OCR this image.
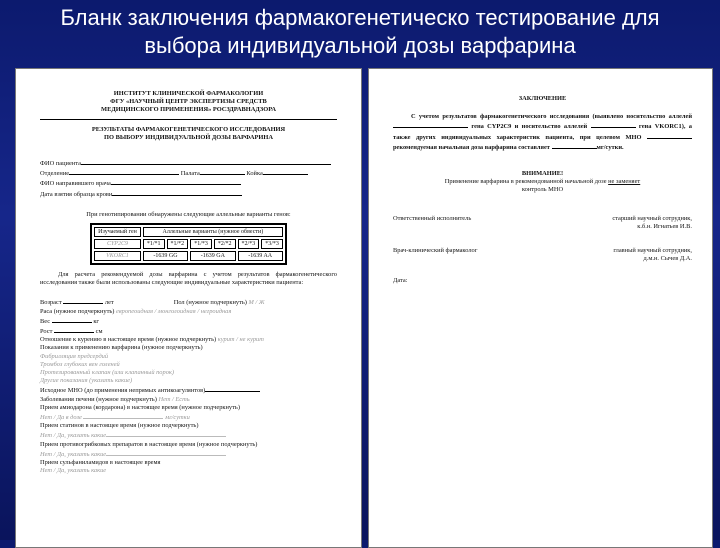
Бланк заключения фармакогенетическо тестирование для
выбора индивидуальной дозы варфарина
ИНСТИТУТ КЛИНИЧЕСКОЙ ФАРМАКОЛОГИИ
ФГУ «НАУЧНЫЙ ЦЕНТР ЭКСПЕРТИЗЫ СРЕДСТВ
МЕДИЦИНСКОГО ПРИМЕНЕНИЯ» РОСЗДРАВНАДЗОРА
РЕЗУЛЬТАТЫ ФАРМАКОГЕНЕТИЧЕСКОГО ИССЛЕДОВАНИЯ
ПО ВЫБОРУ ИНДИВИДУАЛЬНОЙ ДОЗЫ ВАРФАРИНА
ФИО пациента
Отделение	Палата	Койка
ФИО направившего врача
Дата взятия образца крови
При генотипировании обнаружены следующие аллельные варианты генов:
Изучаемый ген	Аллельные варианты (нужное обвести)					
CYP2C9	*1/*1	*1/*2	*1/*3	*2/*2	*2/*3	*3/*3
VKORC1	-1639 GG		-1639 GA		-1639 AA	
Для расчета рекомендуемой дозы варфарина с учетом результатов фармакогенетического исследования также были использованы следующие индивидуальные характеристики пациента:
Возраст	лет	Пол (нужное подчеркнуть) М / Ж
Раса (нужное подчеркнуть) европеоидная / монголоидная / негроидная
Вес	кг
Рост	см
Отношение к курению в настоящее время (нужное подчеркнуть) курит / не курит
Показания к применению варфарина (нужное подчеркнуть)
Фибрилляция предсердий
Тромбоз глубоких вен голеней
Протезированный клапан (или клапанный порок)
Другие показания (указать какие)
Исходное МНО (до применения непрямых антикоагулянтов)
Заболевания печени (нужное подчеркнуть) Нет / Есть
Прием амиодарона (кордарона) в настоящее время (нужное подчеркнуть)
Нет / Да в дозе	мг/сутки
Прием статинов в настоящее время (нужное подчеркнуть)
Нет / Да, указать какие
Прием противогрибковых препаратов в настоящее время (нужное подчеркнуть)
Нет / Да, указать какие
Прием сульфаниламидов в настоящее время
Нет / Да, указать какие
ЗАКЛЮЧЕНИЕ
С учетом результатов фармакогенетического исследования (выявлено носительство аллелей  гена CYP2C9 и носительство аллелей	гена VKORC1), а также других индивидуальных характеристик пациента, при целевом МНО  рекомендуемая начальная доза варфарина составляет	мг/сутки.
ВНИМАНИЕ!
Применение варфарина в рекомендованной начальной дозе не заменяет
контроль МНО
Ответственный исполнитель	старший научный сотрудник,
к.б.н. Игнатьев И.В.
Врач-клинический фармаколог	главный научный сотрудник,
д.м.н. Сычев Д.А.
Дата:
